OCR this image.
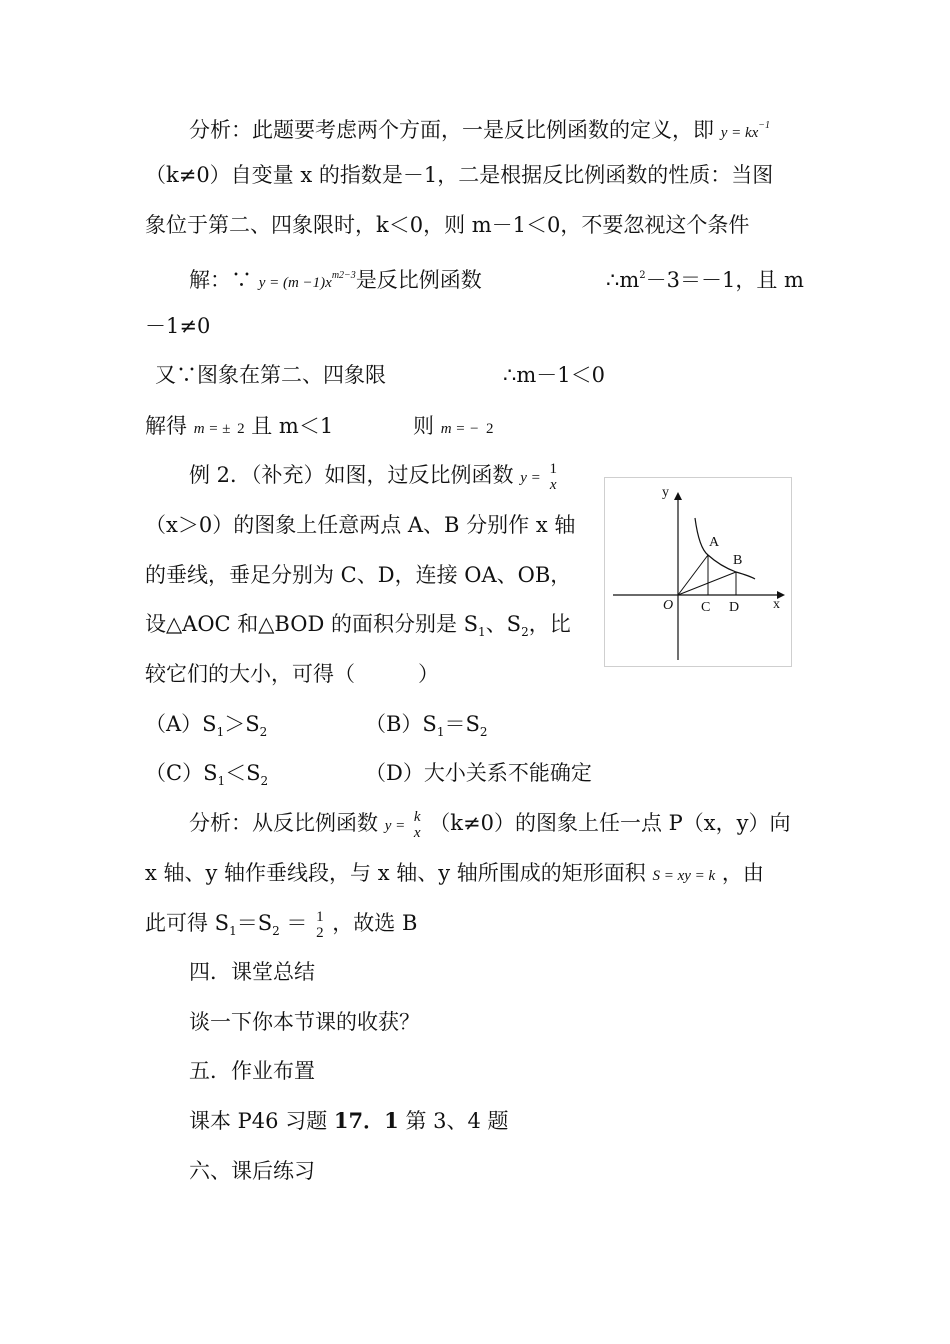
分析：此题要考虑两个方面，一是反比例函数的定义，即 $y = kx^{-1}$
（k≠0）自变量 x 的指数是－1，二是根据反比例函数的性质：当图
象位于第二、四象限时，k＜0，则 m－1＜0，不要忽视这个条件
解：∵ $y = (m -1)x^{m2-3}$是反比例函数	$\therefore m^2-3=-1$，且 m
－1≠0
又∵图象在第二、四象限	∴m－1＜0
解得 m = ± 2 且 m＜1	则 m = − 2
例 2．（补充）如图，过反比例函数 y =
1
x
（x＞0）的图象上任意两点 A、B 分别作 x 轴
的垂线，垂足分别为 C、D，连接 OA、OB，
设△AOC 和△BOD 的面积分别是 $S_1$、$S_2$，比
较它们的大小，可得（　　　）
$(A)S_1>S_2$	$(B)S_1=S_2$
$(C)S_1<S_2$	（D）大小关系不能确定
y
x
O
A
B
C D
分析：从反比例函数 y =
k
x （k≠0）的图象上任一点 P（x，y）向
x 轴、y 轴作垂线段，与 x 轴、y 轴所围成的矩形面积 S = xy = k ，由
此可得 $S_1=S_2 = 1$
2 ，故选 B
四．课堂总结
谈一下你本节课的收获？
五．作业布置
课本 P46 习题 17．1 第 3、4 题
六、课后练习
